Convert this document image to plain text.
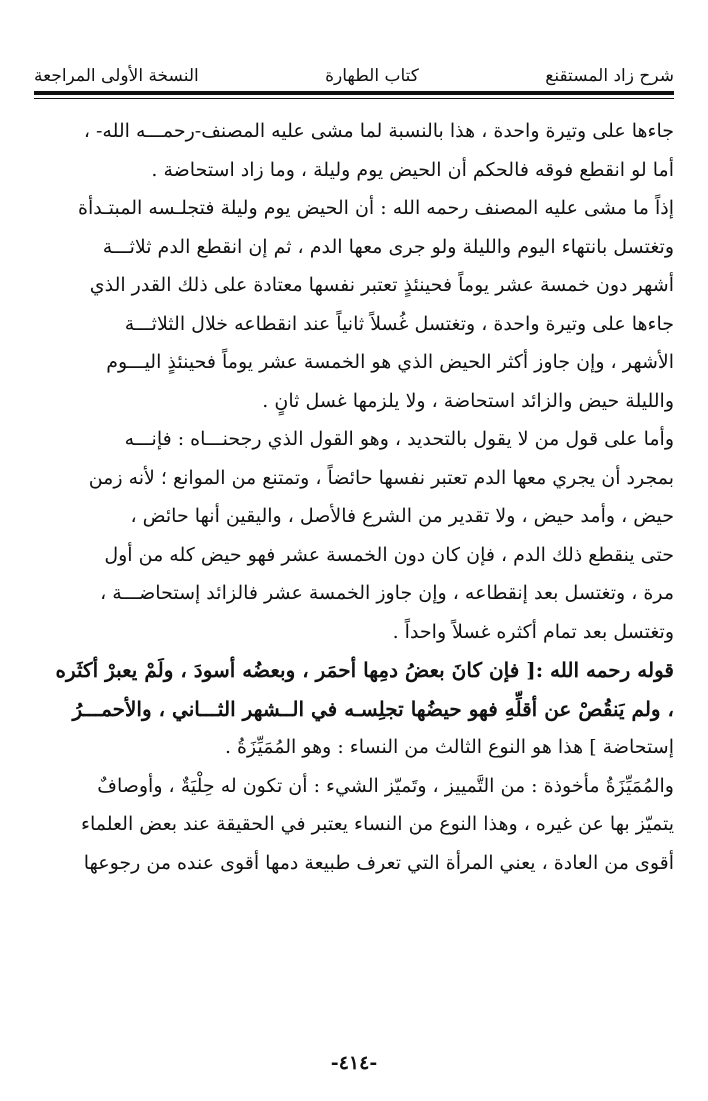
شرح زاد المستقنع
كتاب الطهارة
النسخة الأولى المراجعة
جاءها على وتيرة واحدة ، هذا بالنسبة لما مشى عليه المصنف-رحمـــه الله- ،
أما لو انقطع فوقه فالحكم أن الحيض يوم وليلة ، وما زاد استحاضة .
إذاً ما مشى عليه المصنف رحمه الله : أن الحيض يوم وليلة فتجلـسه المبتـدأة
وتغتسل بانتهاء اليوم والليلة ولو جرى معها الدم ، ثم إن انقطع الدم ثلاثـــة
أشهر دون خمسة عشر يوماً فحينئذٍ تعتبر نفسها معتادة على ذلك القدر الذي
جاءها على وتيرة واحدة ، وتغتسل غُسلاً ثانياً عند انقطاعه خلال الثلاثـــة
الأشهر ، وإن جاوز أكثر الحيض الذي هو الخمسة عشر يوماً فحينئذٍ اليـــوم
والليلة حيض والزائد استحاضة ، ولا يلزمها غسل ثانٍ .
وأما على قول من لا يقول بالتحديد ، وهو القول الذي رجحنـــاه : فإنـــه
بمجرد أن يجري معها الدم تعتبر نفسها حائضاً ، وتمتنع من الموانع ؛ لأنه زمن
حيض ، وأمد حيض ، ولا تقدير من الشرع فالأصل ، واليقين أنها حائض ،
حتى ينقطع ذلك الدم ، فإن كان دون الخمسة عشر فهو حيض كله من أول
مرة ، وتغتسل بعد إنقطاعه ، وإن جاوز الخمسة عشر فالزائد إستحاضـــة ،
وتغتسل بعد تمام أكثره غسلاً واحداً .
قوله رحمه الله :[ فإن كانَ بعضُ دمِها أحمَر ، وبعضُه أسودَ ، ولَمْ يعبرْ أكثَره
، ولم يَنقُصْ عن أقلِّهِ فهو حيضُها تجلِسـه في الــشهر الثـــاني ، والأحمـــرُ
إستحاضة ] هذا هو النوع الثالث من النساء : وهو المُمَيِّزَةُ .
والمُمَيِّزَةُ مأخوذة : من التَّمييز ، وتَميّز الشيء : أن تكون له حِلْيَةٌ ، وأوصافٌ
يتميّز بها عن غيره ، وهذا النوع من النساء يعتبر في الحقيقة عند بعض العلماء
أقوى من العادة ، يعني المرأة التي تعرف طبيعة دمها أقوى عنده من رجوعها
-٤١٤-
